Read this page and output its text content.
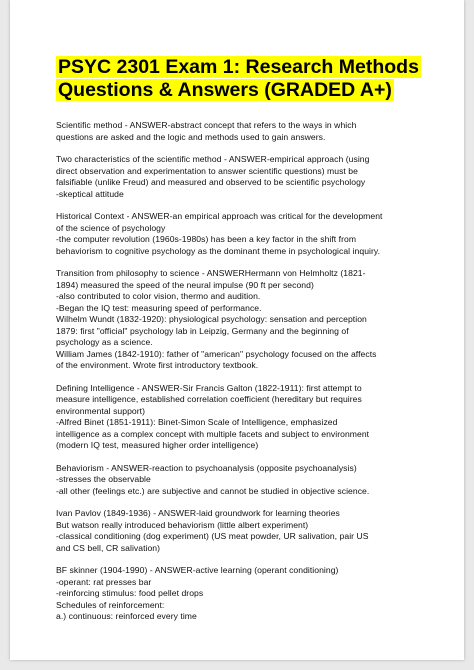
PSYC 2301 Exam 1: Research Methods
Questions & Answers (GRADED A+)

Scientific method - ANSWER-abstract concept that refers to the ways in which
questions are asked and the logic and methods used to gain answers.

Two characteristics of the scientific method - ANSWER-empirical approach (using
direct observation and experimentation to answer scientific questions) must be
falsifiable (unlike Freud) and measured and observed to be scientific psychology
-skeptical attitude

Historical Context - ANSWER-an empirical approach was critical for the development
of the science of psychology
-the computer revolution (1960s-1980s) has been a key factor in the shift from
behaviorism to cognitive psychology as the dominant theme in psychological inquiry.

Transition from philosophy to science - ANSWERHermann von Helmholtz (1821-
1894) measured the speed of the neural impulse (90 ft per second)
-also contributed to color vision, thermo and audition.
-Began the IQ test: measuring speed of performance.
Wilhelm Wundt (1832-1920): physiological psychology: sensation and perception
1879: first "official" psychology lab in Leipzig, Germany and the beginning of
psychology as a science.
William James (1842-1910): father of "american" psychology focused on the affects
of the environment. Wrote first introductory textbook.

Defining Intelligence - ANSWER-Sir Francis Galton (1822-1911): first attempt to
measure intelligence, established correlation coefficient (hereditary but requires
environmental support)
-Alfred Binet (1851-1911): Binet-Simon Scale of Intelligence, emphasized
intelligence as a complex concept with multiple facets and subject to environment
(modern IQ test, measured higher order intelligence)

Behaviorism - ANSWER-reaction to psychoanalysis (opposite psychoanalysis)
-stresses the observable
-all other (feelings etc.) are subjective and cannot be studied in objective science.

Ivan Pavlov (1849-1936) - ANSWER-laid groundwork for learning theories
But watson really introduced behaviorism (little albert experiment)
-classical conditioning (dog experiment) (US meat powder, UR salivation, pair US
and CS bell, CR salivation)

BF skinner (1904-1990) - ANSWER-active learning (operant conditioning)
-operant: rat presses bar
-reinforcing stimulus: food pellet drops
Schedules of reinforcement:
a.) continuous: reinforced every time
